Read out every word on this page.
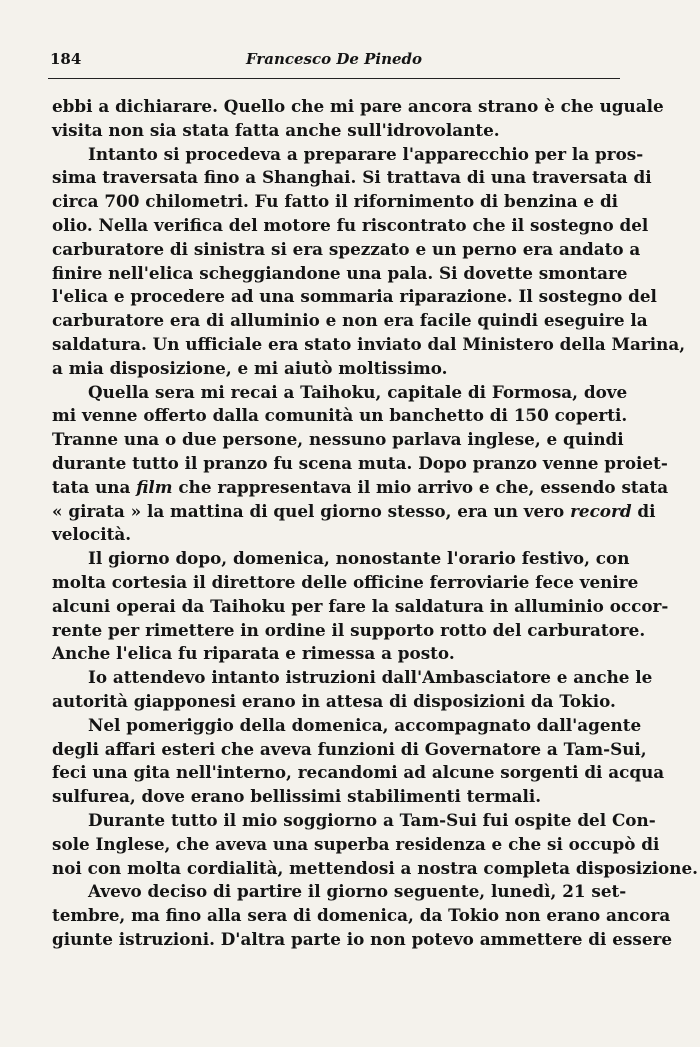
184	Francesco De Pinedo
ebbi a dichiarare. Quello che mi pare ancora strano è che uguale
visita non sia stata fatta anche sull'idrovolante.
Intanto si procedeva a preparare l'apparecchio per la pros-
sima traversata fino a Shanghai. Si trattava di una traversata di
circa 700 chilometri. Fu fatto il rifornimento di benzina e di
olio. Nella verifica del motore fu riscontrato che il sostegno del
carburatore di sinistra si era spezzato e un perno era andato a
finire nell'elica scheggiandone una pala. Si dovette smontare
l'elica e procedere ad una sommaria riparazione. Il sostegno del
carburatore era di alluminio e non era facile quindi eseguire la
saldatura. Un ufficiale era stato inviato dal Ministero della Marina,
a mia disposizione, e mi aiutò moltissimo.
Quella sera mi recai a Taihoku, capitale di Formosa, dove
mi venne offerto dalla comunità un banchetto di 150 coperti.
Tranne una o due persone, nessuno parlava inglese, e quindi
durante tutto il pranzo fu scena muta. Dopo pranzo venne proiet-
tata una film che rappresentava il mio arrivo e che, essendo stata
« girata » la mattina di quel giorno stesso, era un vero record di
velocità.
Il giorno dopo, domenica, nonostante l'orario festivo, con
molta cortesia il direttore delle officine ferroviarie fece venire
alcuni operai da Taihoku per fare la saldatura in alluminio occor-
rente per rimettere in ordine il supporto rotto del carburatore.
Anche l'elica fu riparata e rimessa a posto.
Io attendevo intanto istruzioni dall'Ambasciatore e anche le
autorità giapponesi erano in attesa di disposizioni da Tokio.
Nel pomeriggio della domenica, accompagnato dall'agente
degli affari esteri che aveva funzioni di Governatore a Tam-Sui,
feci una gita nell'interno, recandomi ad alcune sorgenti di acqua
sulfurea, dove erano bellissimi stabilimenti termali.
Durante tutto il mio soggiorno a Tam-Sui fui ospite del Con-
sole Inglese, che aveva una superba residenza e che si occupò di
noi con molta cordialità, mettendosi a nostra completa disposizione.
Avevo deciso di partire il giorno seguente, lunedì, 21 set-
tembre, ma fino alla sera di domenica, da Tokio non erano ancora
giunte istruzioni. D'altra parte io non potevo ammettere di essere
